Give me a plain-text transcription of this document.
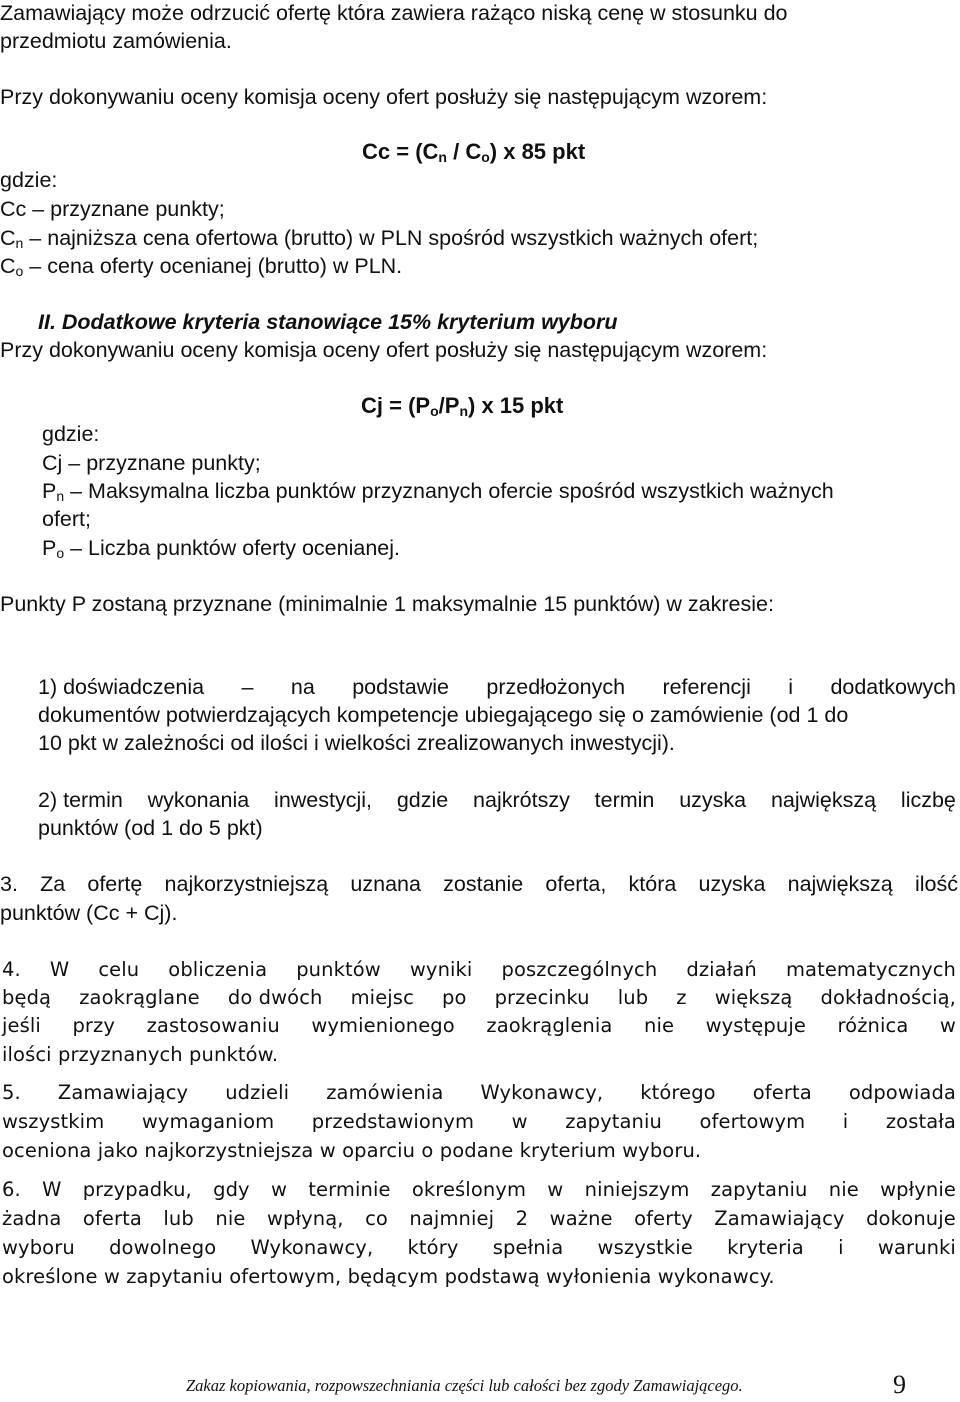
Zamawiający może odrzucić ofertę która zawiera rażąco niską cenę w stosunku do
przedmiotu zamówienia.
Przy dokonywaniu oceny komisja oceny ofert posłuży się następującym wzorem:
$Cc = (C_n / C_o)$ x 85 pkt
gdzie:
Cc – przyznane punkty;
$C_n$ – najniższa cena ofertowa (brutto) w PLN spośród wszystkich ważnych ofert;
$C_o$ – cena oferty ocenianej (brutto) w PLN.
II. Dodatkowe kryteria stanowiące 15% kryterium wyboru
Przy dokonywaniu oceny komisja oceny ofert posłuży się następującym wzorem:
$Cj = (P_o/P_n)$ x 15 pkt
gdzie:
Cj – przyznane punkty;
$P_n$ – Maksymalna liczba punktów przyznanych ofercie spośród wszystkich ważnych
ofert;
$P_o$ – Liczba punktów oferty ocenianej.
Punkty P zostaną przyznane (minimalnie 1 maksymalnie 15 punktów) w zakresie:
1) doświadczenia – na podstawie przedłożonych referencji i dodatkowych
dokumentów potwierdzających kompetencje ubiegającego się o zamówienie (od 1 do
10 pkt w zależności od ilości i wielkości zrealizowanych inwestycji).
2) termin wykonania inwestycji, gdzie najkrótszy termin uzyska największą liczbę
punktów (od 1 do 5 pkt)
3. Za ofertę najkorzystniejszą uznana zostanie oferta, która uzyska największą ilość
punktów (Cc + Cj).
4. W celu obliczenia punktów wyniki poszczególnych działań matematycznych
będą zaokrąglane do dwóch miejsc po przecinku lub z większą dokładnością,
jeśli przy zastosowaniu wymienionego zaokrąglenia nie występuje różnica w
ilości przyznanych punktów.
5. Zamawiający udzieli zamówienia Wykonawcy, którego oferta odpowiada
wszystkim wymaganiom przedstawionym w zapytaniu ofertowym i została
oceniona jako najkorzystniejsza w oparciu o podane kryterium wyboru.
6. W przypadku, gdy w terminie określonym w niniejszym zapytaniu nie wpłynie
żadna oferta lub nie wpłyną, co najmniej 2 ważne oferty Zamawiający dokonuje
wyboru dowolnego Wykonawcy, który spełnia wszystkie kryteria i warunki
określone w zapytaniu ofertowym, będącym podstawą wyłonienia wykonawcy.
Zakaz kopiowania, rozpowszechniania części lub całości bez zgody Zamawiającego.	9
